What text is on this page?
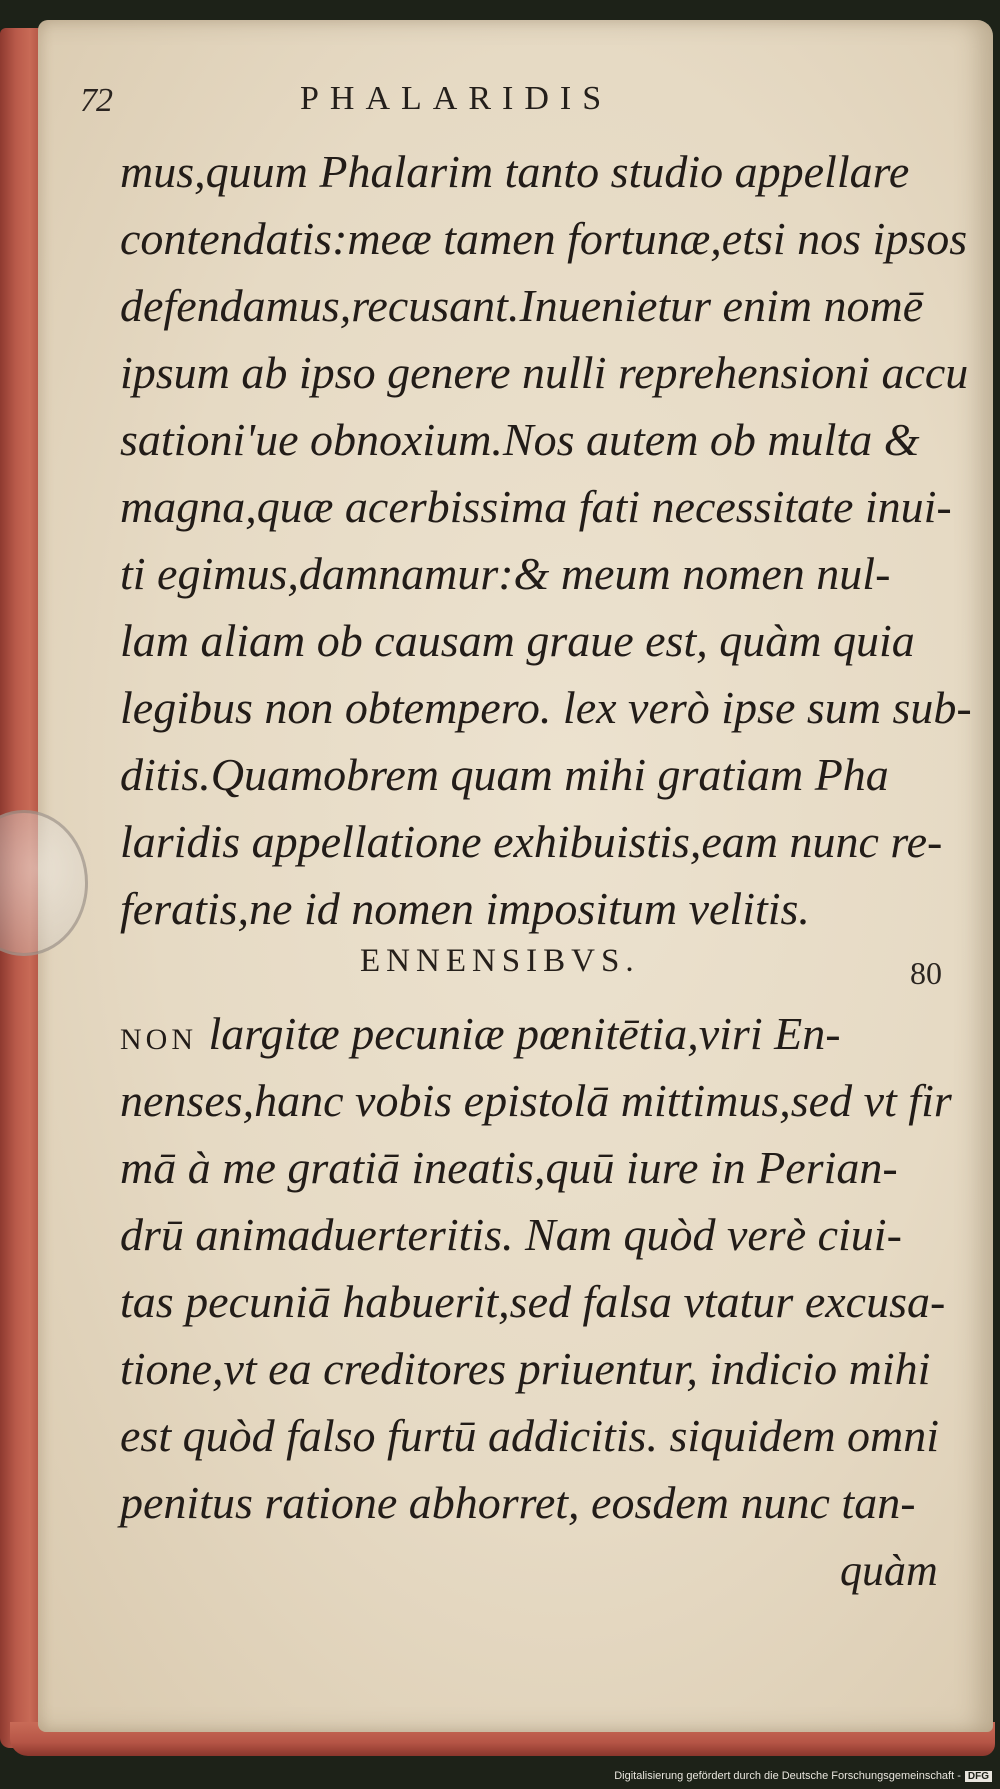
72	PHALARIDIS
mus,quum Phalarim tanto studio appellare
contendatis:meæ tamen fortunæ,etsi nos ipsos
defendamus,recusant.Inuenietur enim nomē
ipsum ab ipso genere nulli reprehensioni accu
sationi'ue obnoxium.Nos autem ob multa &
magna,quæ acerbissima fati necessitate inui-
ti egimus,damnamur:& meum nomen nul-
lam aliam ob causam graue est, quàm quia
legibus non obtempero. lex verò ipse sum sub-
ditis.Quamobrem quam mihi gratiam Pha
laridis appellatione exhibuistis,eam nunc re-
feratis,ne id nomen impositum velitis.
ENNENSIBVS.	80
NON largitæ pecuniæ pœnitētia,viri En-
nenses,hanc vobis epistolā mittimus,sed vt fir
mā à me gratiā ineatis,quū iure in Perian-
drū animaduerteritis. Nam quòd verè ciui-
tas pecuniā habuerit,sed falsa vtatur excusa-
tione,vt ea creditores priuentur, indicio mihi
est quòd falso furtū addicitis. siquidem omni
penitus ratione abhorret, eosdem nunc tan-
quàm
Digitalisierung gefördert durch die Deutsche Forschungsgemeinschaft - DFG
